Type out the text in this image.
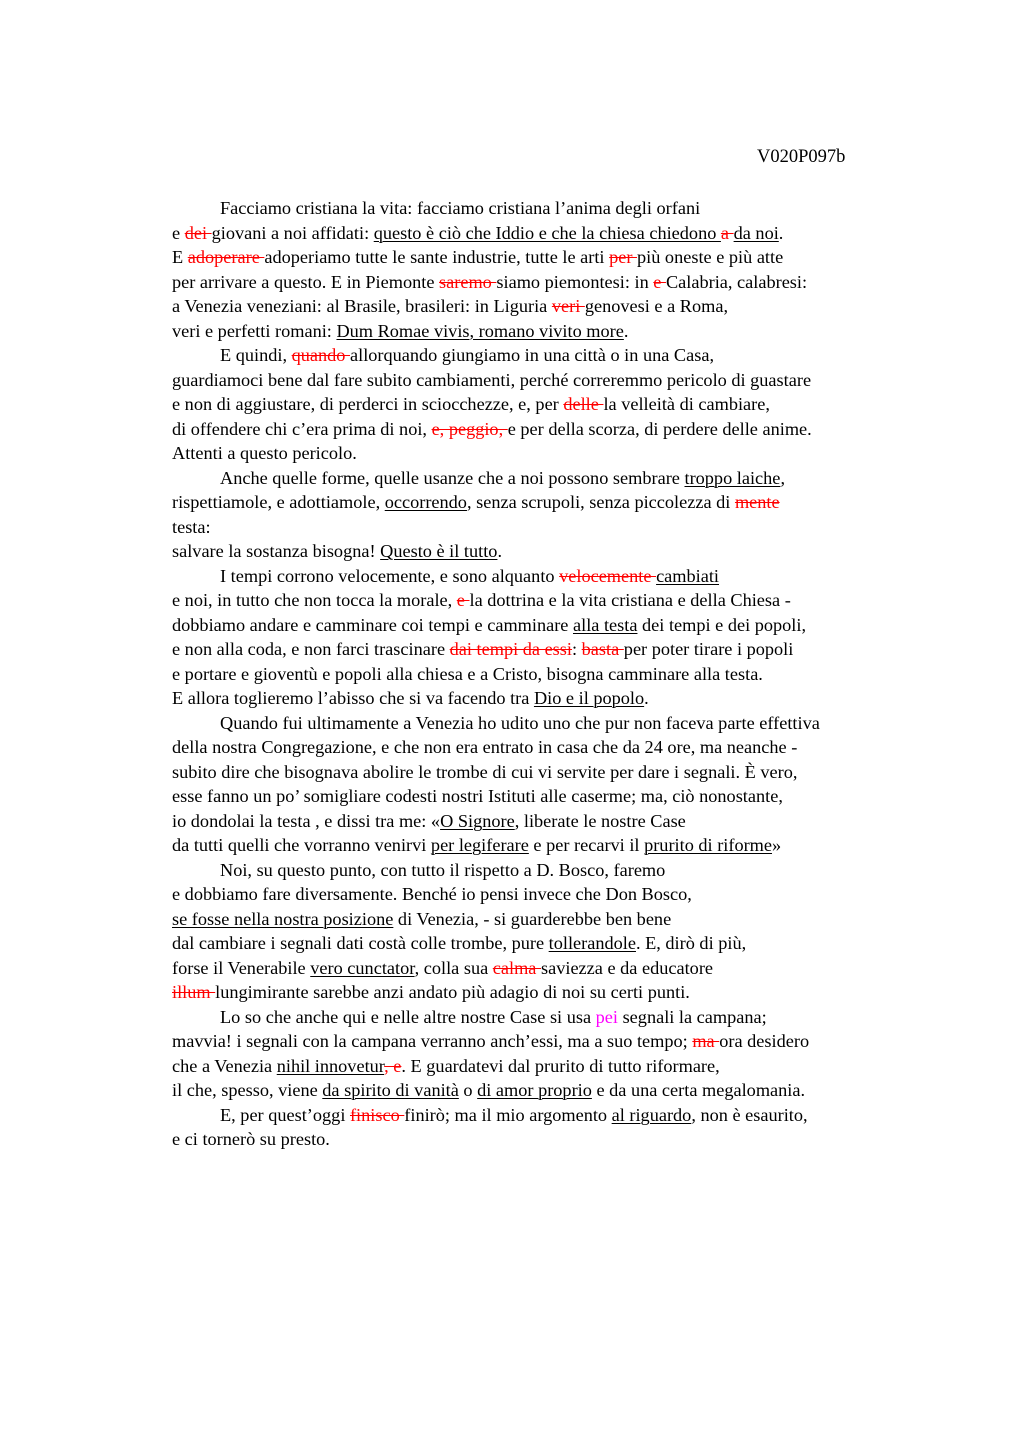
V020P097b
Facciamo cristiana la vita: facciamo cristiana l’anima degli orfani
e dei giovani a noi affidati: questo è ciò che Iddio e che la chiesa chiedono a da noi.
E adoperare adoperiamo tutte le sante industrie, tutte le arti per più oneste e più atte
per arrivare a questo. E in Piemonte saremo siamo piemontesi: in e Calabria, calabresi:
a Venezia veneziani: al Brasile, brasileri: in Liguria veri genovesi e a Roma,
veri e perfetti romani: Dum Romae vivis, romano vivito more.
E quindi, quando allorquando giungiamo in una città o in una Casa,
guardiamoci bene dal fare subito cambiamenti, perché correremmo pericolo di guastare
e non di aggiustare, di perderci in sciocchezze, e, per delle la velleità di cambiare,
di offendere chi c’era prima di noi, e, peggio, e per della scorza, di perdere delle anime.
Attenti a questo pericolo.
Anche quelle forme, quelle usanze che a noi possono sembrare troppo laiche,
rispettiamole, e adottiamole, occorrendo, senza scrupoli, senza piccolezza di mente
testa:
salvare la sostanza bisogna! Questo è il tutto.
I tempi corrono velocemente, e sono alquanto velocemente cambiati
e noi, in tutto che non tocca la morale, e la dottrina e la vita cristiana e della Chiesa -
dobbiamo andare e camminare coi tempi e camminare alla testa dei tempi e dei popoli,
e non alla coda, e non farci trascinare dai tempi da essi: basta per poter tirare i popoli
e portare e gioventù e popoli alla chiesa e a Cristo, bisogna camminare alla testa.
E allora toglieremo l’abisso che si va facendo tra Dio e il popolo.
Quando fui ultimamente a Venezia ho udito uno che pur non faceva parte effettiva
della nostra Congregazione, e che non era entrato in casa che da 24 ore, ma neanche -
subito dire che bisognava abolire le trombe di cui vi servite per dare i segnali. È vero,
esse fanno un po’ somigliare codesti nostri Istituti alle caserme; ma, ciò nonostante,
io dondolai la testa , e dissi tra me: «O Signore, liberate le nostre Case
da tutti quelli che vorranno venirvi per legiferare e per recarvi il prurito di riforme»
Noi, su questo punto, con tutto il rispetto a D. Bosco, faremo
e dobbiamo fare diversamente. Benché io pensi invece che Don Bosco,
se fosse nella nostra posizione di Venezia, - si guarderebbe ben bene
dal cambiare i segnali dati costà colle trombe, pure tollerandole. E, dirò di più,
forse il Venerabile vero cunctator, colla sua calma saviezza e da educatore
illum lungimirante sarebbe anzi andato più adagio di noi su certi punti.
Lo so che anche qui e nelle altre nostre Case si usa pei segnali la campana;
mavvia! i segnali con la campana verranno anch’essi, ma a suo tempo; ma ora desidero
che a Venezia nihil innovetur, e. E guardatevi dal prurito di tutto riformare,
il che, spesso, viene da spirito di vanità o di amor proprio e da una certa megalomania.
E, per quest’oggi finisco finirò; ma il mio argomento al riguardo, non è esaurito,
e ci tornerò su presto.
